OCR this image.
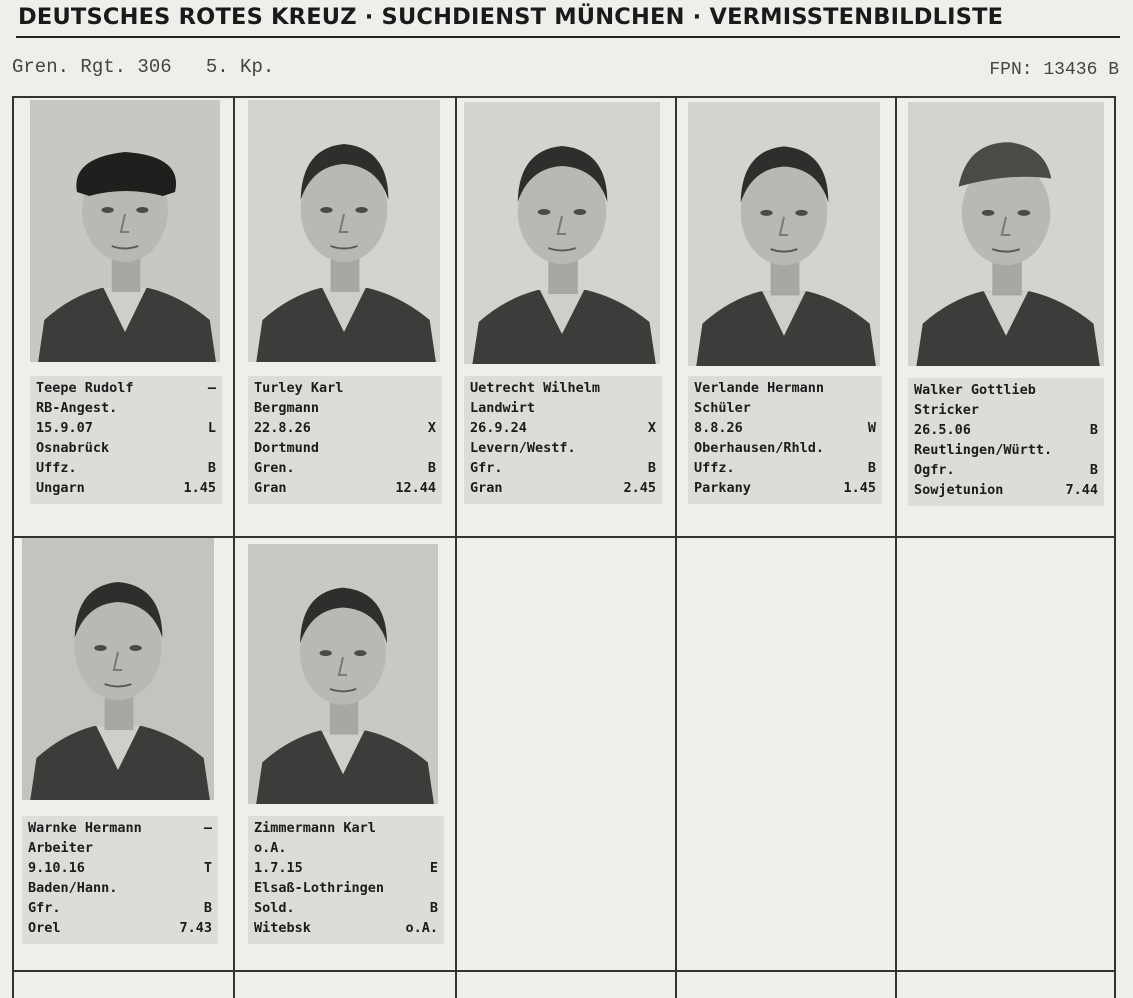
DEUTSCHES ROTES KREUZ · SUCHDIENST MÜNCHEN · VERMISSTENBILDLISTE
Gren. Rgt. 306   5. Kp.	FPN: 13436 B
Teepe Rudolf	–
RB-Angest.
15.9.07	L
Osnabrück
Uffz.	B
Ungarn	1.45
Turley Karl
Bergmann
22.8.26	X
Dortmund
Gren.	B
Gran	12.44
Uetrecht Wilhelm
Landwirt
26.9.24	X
Levern/Westf.
Gfr.	B
Gran	2.45
Verlande Hermann
Schüler
8.8.26	W
Oberhausen/Rhld.
Uffz.	B
Parkany	1.45
Walker Gottlieb
Stricker
26.5.06	B
Reutlingen/Württ.
Ogfr.	B
Sowjetunion	7.44
Warnke Hermann	–
Arbeiter
9.10.16	T
Baden/Hann.
Gfr.	B
Orel	7.43
Zimmermann Karl
o.A.
1.7.15	E
Elsaß-Lothringen
Sold.	B
Witebsk	o.A.
